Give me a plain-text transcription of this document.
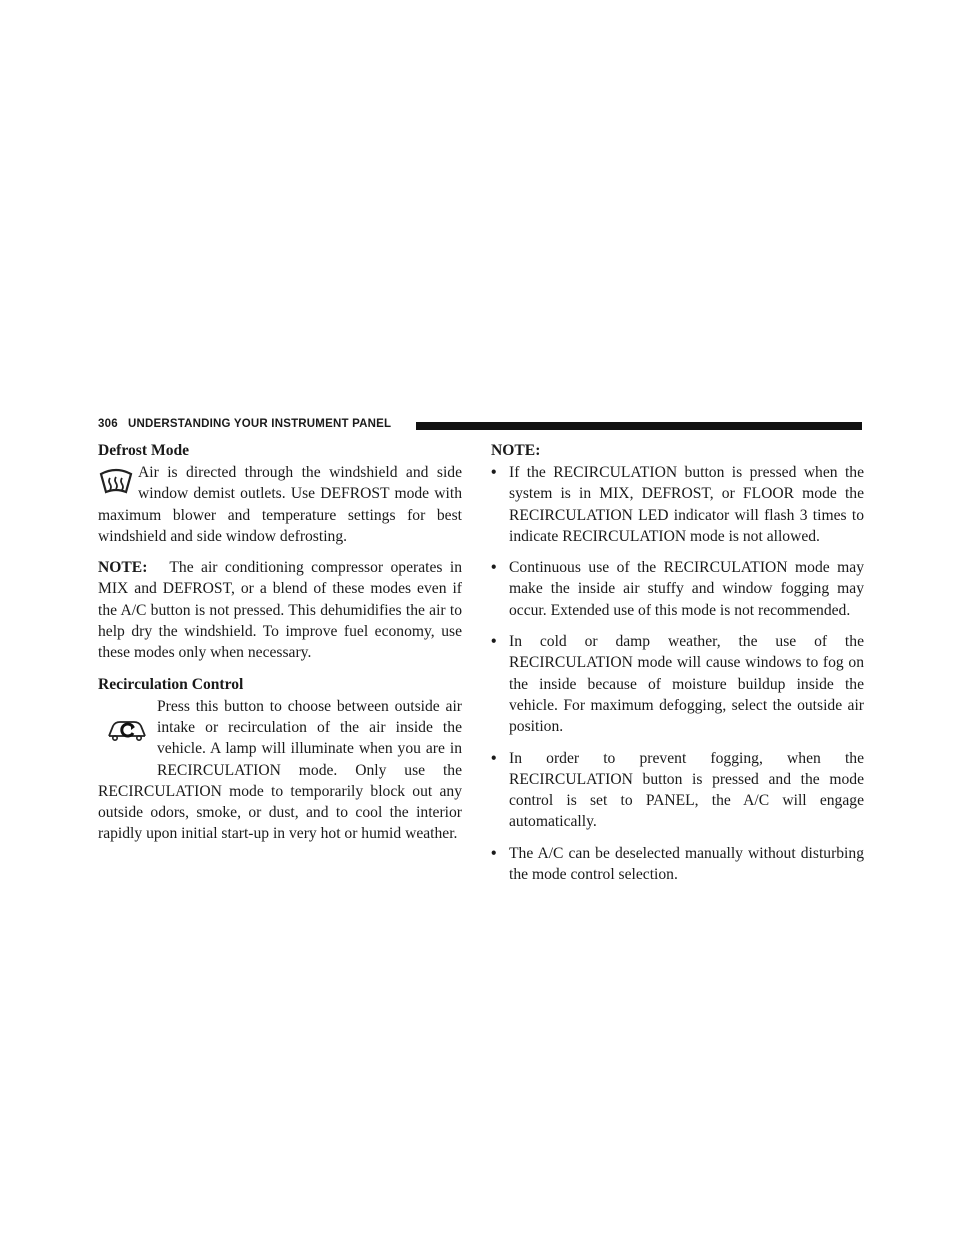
306 UNDERSTANDING YOUR INSTRUMENT PANEL

Defrost Mode

Air is directed through the windshield and side window demist outlets. Use DEFROST mode with maximum blower and temperature settings for best windshield and side window defrosting.

NOTE: The air conditioning compressor operates in MIX and DEFROST, or a blend of these modes even if the A/C button is not pressed. This dehumidifies the air to help dry the windshield. To improve fuel economy, use these modes only when necessary.

Recirculation Control

Press this button to choose between outside air intake or recirculation of the air inside the vehicle. A lamp will illuminate when you are in RECIRCULATION mode. Only use the RECIRCULATION mode to temporarily block out any outside odors, smoke, or dust, and to cool the interior rapidly upon initial start-up in very hot or humid weather.

NOTE:

• If the RECIRCULATION button is pressed when the system is in MIX, DEFROST, or FLOOR mode the RECIRCULATION LED indicator will flash 3 times to indicate RECIRCULATION mode is not allowed.
• Continuous use of the RECIRCULATION mode may make the inside air stuffy and window fogging may occur. Extended use of this mode is not recommended.
• In cold or damp weather, the use of the RECIRCULATION mode will cause windows to fog on the inside because of moisture buildup inside the vehicle. For maximum defogging, select the outside air position.
• In order to prevent fogging, when the RECIRCULATION button is pressed and the mode control is set to PANEL, the A/C will engage automatically.
• The A/C can be deselected manually without disturbing the mode control selection.
